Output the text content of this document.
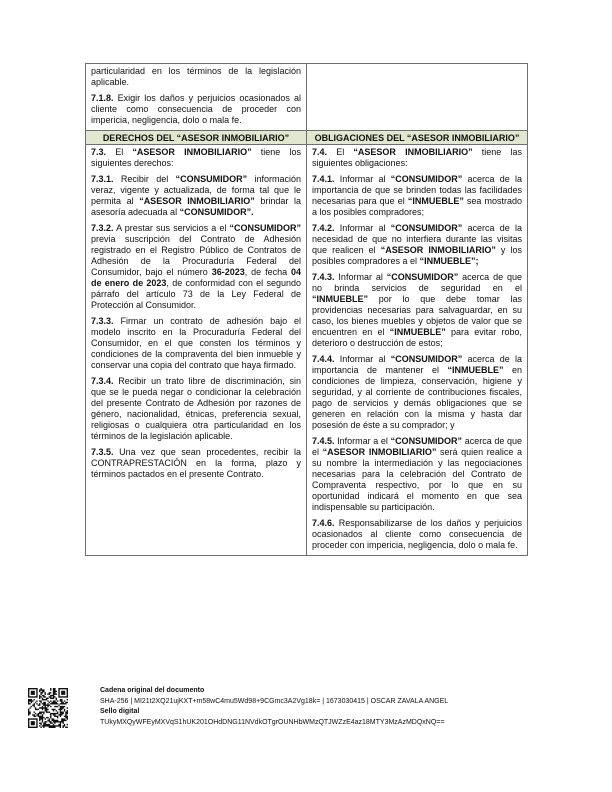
particularidad en los términos de la legislación aplicable.

7.1.8. Exigir los daños y perjuicios ocasionados al cliente como consecuencia de proceder con impericia, negligencia, dolo o mala fe.

DERECHOS DEL “ASESOR INMOBILIARIO”	OBLIGACIONES DEL “ASESOR INMOBILIARIO”

7.3. El “ASESOR INMOBILIARIO” tiene los siguientes derechos:

7.3.1. Recibir del “CONSUMIDOR” información veraz, vigente y actualizada, de forma tal que le permita al “ASESOR INMOBILIARIO” brindar la asesoría adecuada al “CONSUMIDOR”.

7.3.2. A prestar sus servicios a el “CONSUMIDOR” previa suscripción del Contrato de Adhesión registrado en el Registro Público de Contratos de Adhesión de la Procuraduría Federal del Consumidor, bajo el número 36-2023, de fecha 04 de enero de 2023, de conformidad con el segundo párrafo del artículo 73 de la Ley Federal de Protección al Consumidor.

7.3.3. Firmar un contrato de adhesión bajo el modelo inscrito en la Procuraduría Federal del Consumidor, en el que consten los términos y condiciones de la compraventa del bien inmueble y conservar una copia del contrato que haya firmado.

7.3.4. Recibir un trato libre de discriminación, sin que se le pueda negar o condicionar la celebración del presente Contrato de Adhesión por razones de género, nacionalidad, étnicas, preferencia sexual, religiosas o cualquiera otra particularidad en los términos de la legislación aplicable.

7.3.5. Una vez que sean procedentes, recibir la CONTRAPRESTACIÓN en la forma, plazo y términos pactados en el presente Contrato.

7.4. El “ASESOR INMOBILIARIO” tiene las siguientes obligaciones:

7.4.1. Informar al “CONSUMIDOR” acerca de la importancia de que se brinden todas las facilidades necesarias para que el “INMUEBLE” sea mostrado a los posibles compradores;

7.4.2. Informar al “CONSUMIDOR” acerca de la necesidad de que no interfiera durante las visitas que realicen el “ASESOR INMOBILIARIO” y los posibles compradores a el “INMUEBLE”;

7.4.3. Informar al “CONSUMIDOR” acerca de que no brinda servicios de seguridad en el “INMUEBLE” por lo que debe tomar las providencias necesarias para salvaguardar, en su caso, los bienes muebles y objetos de valor que se encuentren en el “INMUEBLE” para evitar robo, deterioro o destrucción de estos;

7.4.4. Informar al “CONSUMIDOR” acerca de la importancia de mantener el “INMUEBLE” en condiciones de limpieza, conservación, higiene y seguridad, y al corriente de contribuciones fiscales, pago de servicios y demás obligaciones que se generen en relación con la misma y hasta dar posesión de éste a su comprador; y

7.4.5. Informar a el “CONSUMIDOR” acerca de que el “ASESOR INMOBILIARIO” será quien realice a su nombre la intermediación y las negociaciones necesarias para la celebración del Contrato de Compraventa respectivo, por lo que en su oportunidad indicará el momento en que sea indispensable su participación.

7.4.6. Responsabilizarse de los daños y perjuicios ocasionados al cliente como consecuencia de proceder con impericia, negligencia, dolo o mala fe.

Cadena original del documento
SHA-256 | MI21t2XQ21ujKXT+m58wC4mu5Wd98+9CGmc3A2Vg18k= | 1673030415 | OSCAR ZAVALA ANGEL
Sello digital
TUkyMXQyWFEyMXVqS1hUK201OHdDNG11NVdkOTgrOUNHbWMzQTJWZzE4az18MTY3MzAzMDQxNQ==
